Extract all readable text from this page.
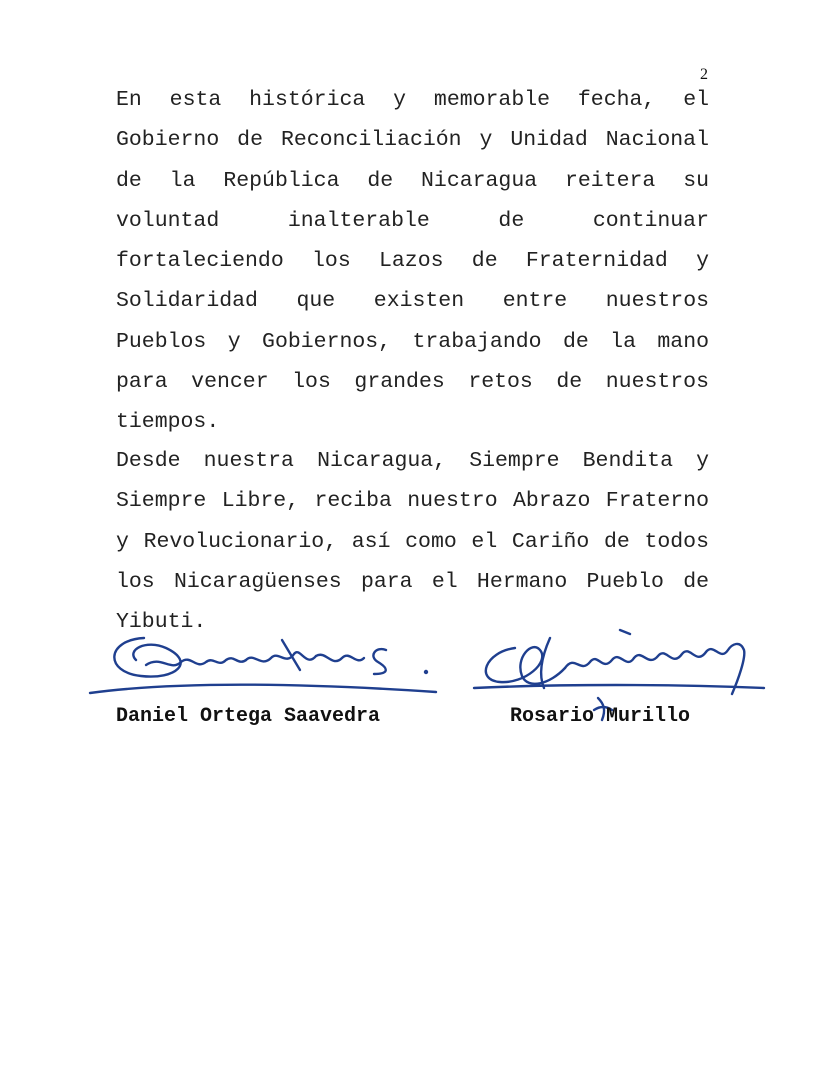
2

En esta histórica y memorable fecha, el Gobierno de Reconciliación y Unidad Nacional de la República de Nicaragua reitera su voluntad inalterable de continuar fortaleciendo los Lazos de Fraternidad y Solidaridad que existen entre nuestros Pueblos y Gobiernos, trabajando de la mano para vencer los grandes retos de nuestros tiempos.

Desde nuestra Nicaragua, Siempre Bendita y Siempre Libre, reciba nuestro Abrazo Fraterno y Revolucionario, así como el Cariño de todos los Nicaragüenses para el Hermano Pueblo de Yibuti.

Daniel Ortega Saavedra	Rosario Murillo
